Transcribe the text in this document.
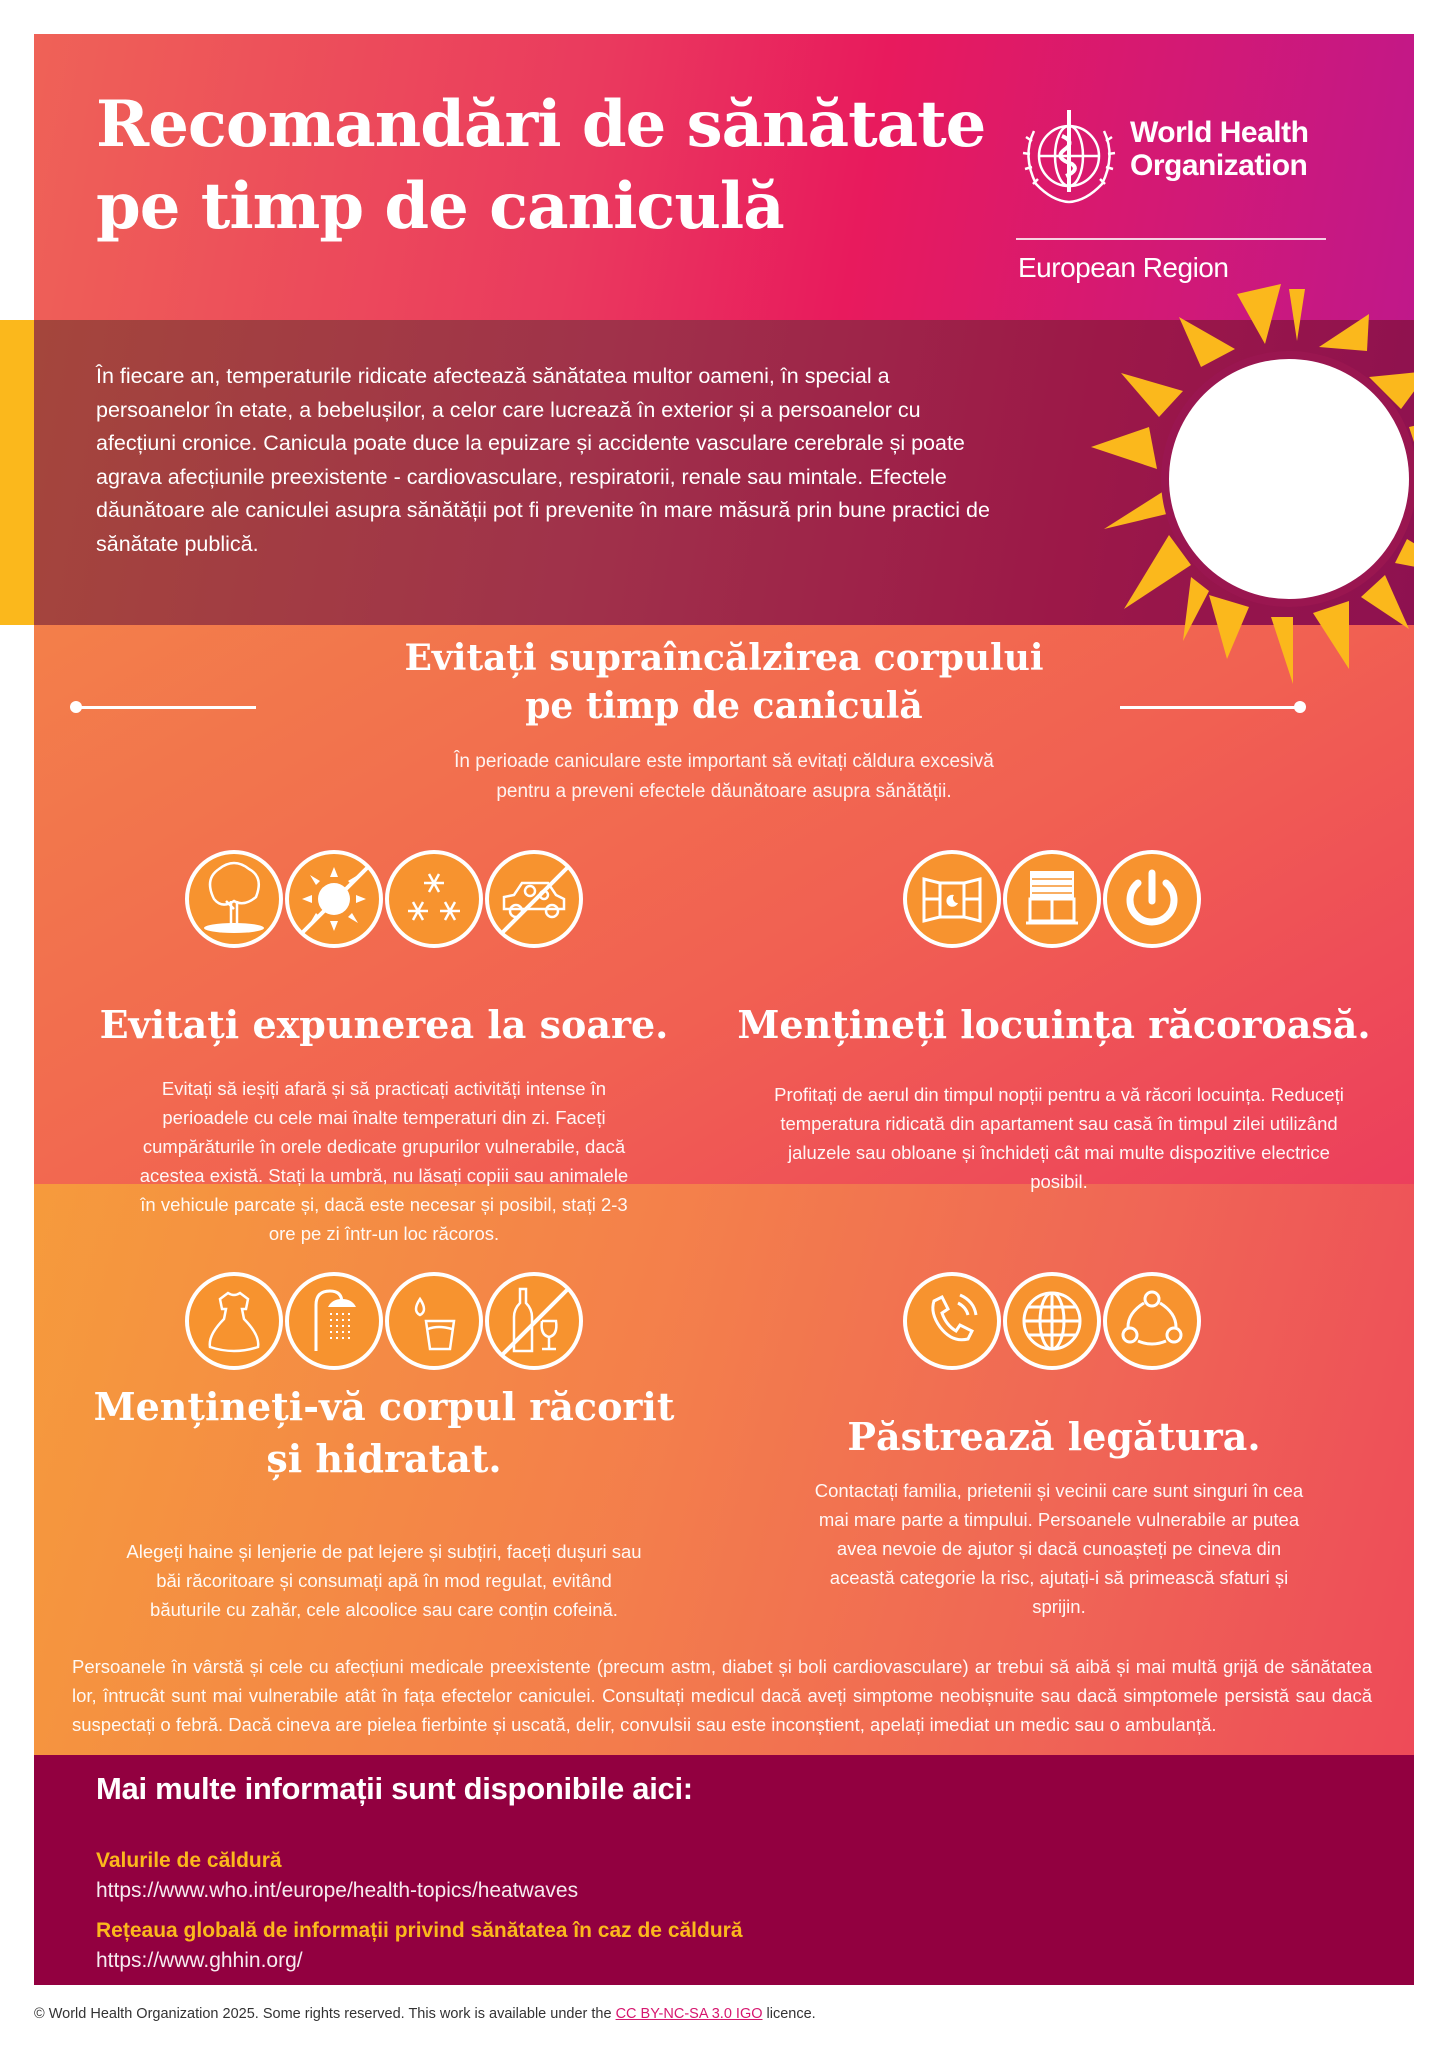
Recomandări de sănătate
pe timp de caniculă
World Health
Organization
European Region

În fiecare an, temperaturile ridicate afectează sănătatea multor oameni, în special a persoanelor în etate, a bebelușilor, a celor care lucrează în exterior și a persoanelor cu afecțiuni cronice. Canicula poate duce la epuizare și accidente vasculare cerebrale și poate agrava afecțiunile preexistente - cardiovasculare, respiratorii, renale sau mintale. Efectele dăunătoare ale caniculei asupra sănătății pot fi prevenite în mare măsură prin bune practici de sănătate publică.

Evitați supraîncălzirea corpului
pe timp de caniculă

În perioade caniculare este important să evitați căldura excesivă
pentru a preveni efectele dăunătoare asupra sănătății.

Evitați expunerea la soare.

Evitați să ieșiți afară și să practicați activități intense în perioadele cu cele mai înalte temperaturi din zi. Faceți cumpărăturile în orele dedicate grupurilor vulnerabile, dacă acestea există. Stați la umbră, nu lăsați copiii sau animalele în vehicule parcate și, dacă este necesar și posibil, stați 2-3 ore pe zi într-un loc răcoros.

Mențineți locuința răcoroasă.

Profitați de aerul din timpul nopții pentru a vă răcori locuința. Reduceți temperatura ridicată din apartament sau casă în timpul zilei utilizând jaluzele sau obloane și închideți cât mai multe dispozitive electrice posibil.

Mențineți-vă corpul răcorit
și hidratat.

Alegeți haine și lenjerie de pat lejere și subțiri, faceți dușuri sau băi răcoritoare și consumați apă în mod regulat, evitând băuturile cu zahăr, cele alcoolice sau care conțin cofeină.

Păstrează legătura.

Contactați familia, prietenii și vecinii care sunt singuri în cea mai mare parte a timpului. Persoanele vulnerabile ar putea avea nevoie de ajutor și dacă cunoașteți pe cineva din această categorie la risc, ajutați-i să primească sfaturi și sprijin.

Persoanele în vârstă și cele cu afecțiuni medicale preexistente (precum astm, diabet și boli cardiovasculare) ar trebui să aibă și mai multă grijă de sănătatea lor, întrucât sunt mai vulnerabile atât în fața efectelor caniculei. Consultați medicul dacă aveți simptome neobișnuite sau dacă simptomele persistă sau dacă suspectați o febră. Dacă cineva are pielea fierbinte și uscată, delir, convulsii sau este inconștient, apelați imediat un medic sau o ambulanță.

Mai multe informații sunt disponibile aici:

Valurile de căldură

https://www.who.int/europe/health-topics/heatwaves

Rețeaua globală de informații privind sănătatea în caz de căldură

https://www.ghhin.org/

© World Health Organization 2025. Some rights reserved. This work is available under the CC BY-NC-SA 3.0 IGO licence.
